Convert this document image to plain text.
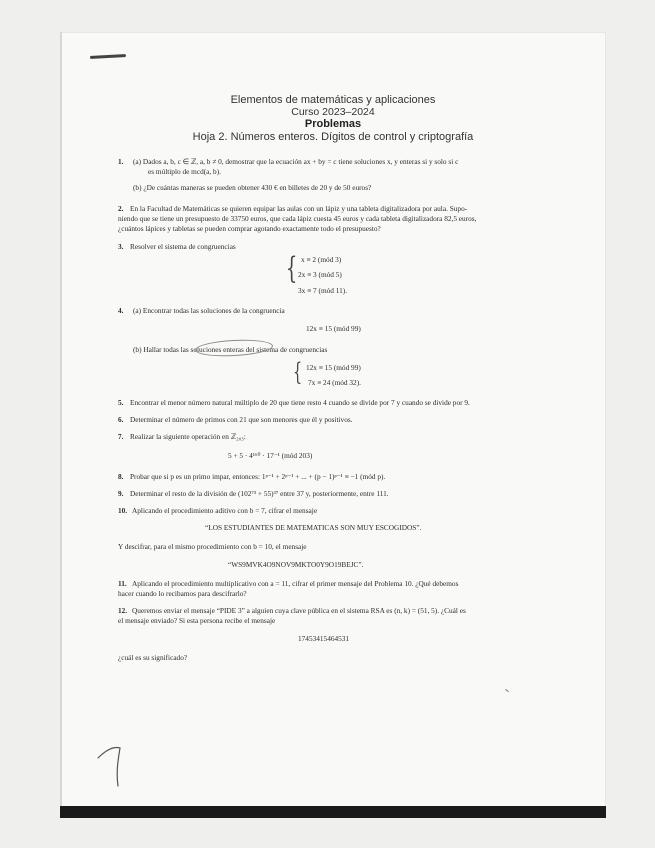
Elementos de matemáticas y aplicaciones
Curso 2023–2024
Problemas
Hoja 2. Números enteros. Dígitos de control y criptografía
1. (a) Dados a, b, c ∈ ℤ, a, b ≠ 0, demostrar que la ecuación ax + by = c tiene soluciones x, y enteras si y solo si c
es múltiplo de mcd(a, b).
(b) ¿De cuántas maneras se pueden obtener 430 € en billetes de 20 y de 50 euros?
2. En la Facultad de Matemáticas se quieren equipar las aulas con un lápiz y una tableta digitalizadora por aula. Supo-
niendo que se tiene un presupuesto de 33750 euros, que cada lápiz cuesta 45 euros y cada tableta digitalizadora 82,5 euros,
¿cuántos lápices y tabletas se pueden comprar agotando exactamente todo el presupuesto?
3. Resolver el sistema de congruencias
{ x ≡ 2 (mód 3)
2x ≡ 3 (mód 5)
3x ≡ 7 (mód 11).
4. (a) Encontrar todas las soluciones de la congruencia
12x ≡ 15 (mód 99)
(b) Hallar todas las soluciones enteras del sistema de congruencias
{ 12x ≡ 15 (mód 99)
7x ≡ 24 (mód 32).
5. Encontrar el menor número natural múltiplo de 20 que tiene resto 4 cuando se divide por 7 y cuando se divide por 9.
6. Determinar el número de primos con 21 que son menores que él y positivos.
7. Realizar la siguiente operación en ℤ₂₀₃:
5 + 5 · 4¹⁶⁰ · 17⁻¹ (mód 203)
8. Probar que si p es un primo impar, entonces: 1ᵖ⁻¹ + 2ᵖ⁻¹ + ... + (p − 1)ᵖ⁻¹ ≡ −1 (mód p).
9. Determinar el resto de la división de (102⁷³ + 55)³⁷ entre 37 y, posteriormente, entre 111.
10. Aplicando el procedimiento aditivo con b = 7, cifrar el mensaje
“LOS ESTUDIANTES DE MATEMATICAS SON MUY ESCOGIDOS”.
Y descifrar, para el mismo procedimiento con b = 10, el mensaje
“WS9MVK4O9NOV9MKTO0Y9O19BEJC”.
11. Aplicando el procedimiento multiplicativo con a = 11, cifrar el primer mensaje del Problema 10. ¿Qué debemos
hacer cuando lo recibamos para descifrarlo?
12. Queremos enviar el mensaje “PIDE 3” a alguien cuya clave pública en el sistema RSA es (n, k) = (51, 5). ¿Cuál es
el mensaje enviado? Si esta persona recibe el mensaje
17453415464531
¿cuál es su significado?
